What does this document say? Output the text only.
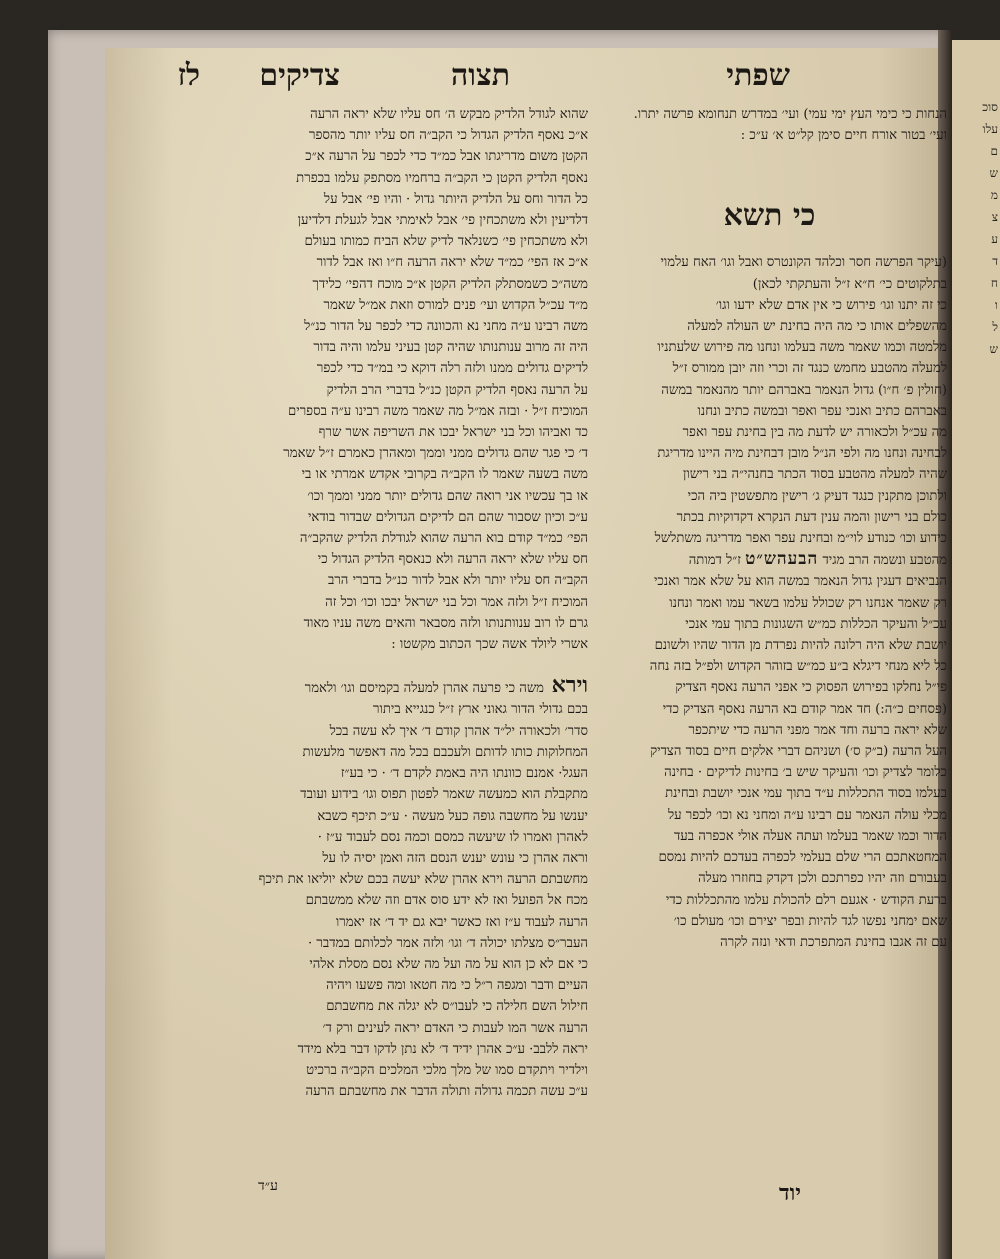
סוכ
עלו
ם
ש
מ
צ
ע
ד
ח
ו
ל
ש
שפתי
תצוה
צדיקים
לז
הנחות כי כימי העץ ימי עמי) ועי׳ במדרש תנחומא פרשה יתרו.
ועי׳ בטור אורח חיים סימן קל״ט א׳ ע״כ :
כי תשא
(עיקר הפרשה חסר וכלהד הקונטרס ואבל וגו׳ האח עלמוי
בתלקוטים כי׳ ח״א ז״ל והעתקתי לכאן)
כי זה יתנו וגו׳ פירוש כי אין אדם שלא ידעו וגו׳
מהשפלים אותו כי מה היה בחינת יש העולה למעלה
מלמטה וכמו שאמר משה בעלמו ונחנו מה פירוש שלעתניו
למעלה מהטבע מחמש כנגד זה וכרי וזה יובן ממורס ז״ל
(חולין פ׳ ח״ו) גדול הנאמר באברהם יותר מהנאמר במשה
באברהם כתיב ואנכי עפר ואפר ובמשה כתיב ונחנו
מה עכ״ל ולכאורה יש לדעת מה בין בחינת עפר ואפר
לבחינה ונחנו מה ולפי הנ״ל מובן דבחינת מיה היינו מדריגת
שהיה למעלה מהטבע בסוד הכתר בחנהי״ה בני רישון
ולתוכן מתקנין כנגד דעיק ג׳ רישין מתפשטין ביה הכי
כולם בני רישון והמה ענין דעת הנקרא דקדוקיות בכתר
כידוע וכו׳ כנודע לוי״מ ובחינת עפר ואפר מדריגה משתלשל
מהטבע ונשמה הרב מגיד הבעהש״ט ז״ל דמותה
הנביאים דעגין גדול הנאמר במשה הוא על שלא אמר ואנכי
רק שאמר אנחנו רק שכולל עלמו בשאר עמו ואמר ונחנו
עכ״ל והעיקר הכללות כמ״ש השגונות בתוך עמי אנכי
יושבת שלא היה רלונה להיות נפרדת מן הדור שהיו ולשונם
כל ליא מנחי דיגלא ב״ע כמ״ש בזוהר הקדוש ולפ״ל בזה נחה
פי״ל נחלקו בפירוש הפסוק כי אפני הרעה נאסף הצדיק
(פסחים כ״ה:) חד אמר קודם בא הרעה נאסף הצדיק כדי
שלא יראה ברעה וחד אמר מפני הרעה כדי שיתכפר
העל הרעה (ב״ק ס׳) ושניהם דברי אלקים חיים בסוד הצדיק
כלומר לצדיק וכו׳ והעיקר שיש ב׳ בחינות לדיקים · בחינה
בעלמו בסוד התכללות ע״ד בתוך עמי אנכי יושבת ובחינת
מכלי עולה הנאמר עם רבינו ע״ה ומחני נא וכו׳ לכפר על
הדור וכמו שאמר בעלמו ועתה אעלה אולי אכפרה בעד
המחטאתכם הרי שלם בעלמי לכפרה בעדכם להיות נמסם
בעבורם וזה יהיו כפרתכם ולכן דקדק בחוזרו מעלה
ברעת הקודש · אגעם רלם להכולת עלמו מהתכללות כדי
שאם ימחני נפשו לגד להיות ובפר יצירם וכו׳ מעולם כו׳
עם זה אגבו בחינת המתפרכת ודאי ונזה לקרה
שהוא לגודל הלדיק מבקש ה׳ חס עליו שלא יראה הרעה
א״כ נאסף הלדיק הגדול כי הקב״ה חס עליו יותר מהספר
הקטן משום מדריגתו אבל כמ״ד כדי לכפר על הרעה א״כ
נאסף הלדיק הקטן כי הקב״ה ברחמיו מסתפק עלמו בכפרת
כל הדור וחס על הלדיק היותר גדול · והיו פי׳ אבל על
דלדיעין ולא משתכחין פי׳ אבל לאימתי אבל לגעלת דלדיען
ולא משתכחין פי׳ כשנלאד לדיק שלא הביח כמותו בעולם
א״כ אז הפי׳ כמ״ד שלא יראה הרעה ח״ו ואז אבל לדור
משה״כ כשמסתלק הלדיק הקטן א״כ מוכח דהפי׳ כלידך
מ״ד עכ״ל הקדוש ועי׳ פנים למורס וזאת אמ״ל שאמר
משה רבינו ע״ה מחני נא והכוונה כדי לכפר על הדור כנ״ל
היה זה מרוב ענותנותו שהיה קטן בעיני עלמו והיה בדור
לדיקים גדולים ממנו ולזה רלה דוקא כי במ״ד כדי לכפר
על הרעה נאסף הלדיק הקטן כנ״ל בדברי הרב הלדיק
המוכיח ז״ל · ובזה אמ״ל מה שאמר משה רבינו ע״ה בספרים
כד ואביהו וכל בני ישראל יבכו את השריפה אשר שרף
ד׳ כי פגר שהם גדולים ממני וממך ומאהרן כאמרם ז״ל שאמר
משה בשעה שאמר לו הקב״ה בקרובי אקדש אמרתי או בי
או בך עכשיו אני רואה שהם גדולים יותר ממני וממך וכו׳
ע״כ וכיון שסבור שהם הם לדיקים הגדולים שבדור בודאי
הפי׳ כמ״ד קודם בוא הרעה שהוא לגודלת הלדיק שהקב״ה
חס עליו שלא יראה הרעה ולא כנאסף הלדיק הגדול כי
הקב״ה חס עליו יותר ולא אבל לדור כנ״ל בדברי הרב
המוכיח ז״ל ולזה אמר וכל בני ישראל יבכו וכו׳ וכל זה
גרם לו רוב ענוותנותו ולזה מסבאר והאים משה עניו מאוד
אשרי ליולד אשה שכך הכתוב מקשטו :
וירא משה כי פרעה אהרן למעלה בקמיסם וגו׳ ולאמר
בכם גדולי הדור גאוני ארץ ז״ל כנגייא ביתור
סדר׳ ולכאורה יל״ד אהרן קודם ד׳ איך לא עשה בכל
המחלוקות כותו לדותם ולעכבם בכל מה דאפשר מלעשות
העגל· אמנם כוונתו היה באמת לקדם ד׳ · כי בע״ז
מתקבלת הוא כמעשה שאמר לפטון תפוס וגו׳ בידוע ועובד
יענשו על מחשבה גופה כעל מעשה · ע״כ תיכף כשבא
לאהרן ואמרו לו שיעשה כמסם וכמה נסם לעבוד ע״ז ·
וראה אהרן כי עונש יענש הנסם הזה ואמן יסיה לו על
מחשבתם הרעה וירא אהרן שלא יעשה בכם שלא יוליאו את תיכף
מכח אל הפועל ואז לא ידע סוס אדם וזה שלא ממשבתם
הרעה לעבוד ע״ז ואז כאשר יבא גם יד ד׳ אז יאמרו
העבר״ס מצלתו יכולה ד׳ וגו׳ ולזה אמר לכלותם במדבר ·
כי אם לא כן הוא על מה ועל מה שלא נסם מסלת אלהי
העיים ודבר ומגפה ר״ל כי מה חטאו ומה פשעו ויהיה
חילול השם חלילה כי לעבו״ס לא יגלה את מחשבתם
הרעה אשר המו לעבות כי האדם יראה לעינים ורק ד׳
יראה ללבב· ע״כ אהרן ידיד ד׳ לא נתן לדקו דבר בלא מידד
וילדיר ויתקדם סמו של מלך מלכי המלכים הקב״ה ברכיט
ע״כ עשה תכמה גדולה ותולה הדבר את מחשבתם הרעה
יוד
ע״ד
